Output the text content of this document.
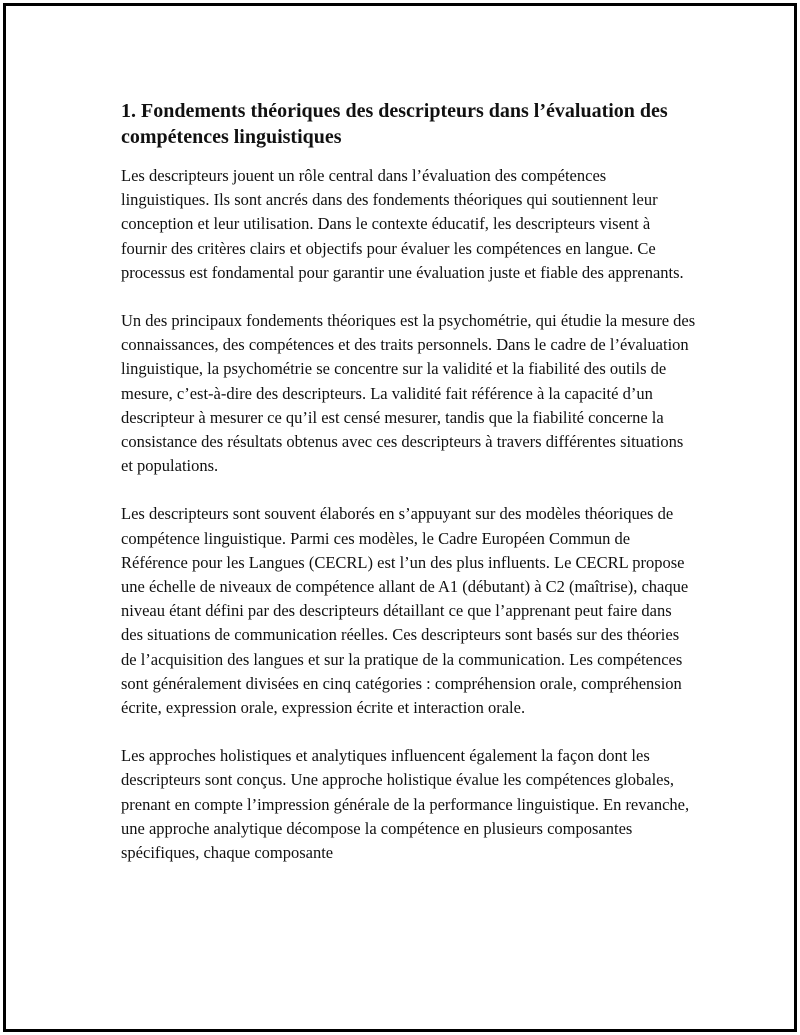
1. Fondements théoriques des descripteurs dans l’évaluation des compétences linguistiques

Les descripteurs jouent un rôle central dans l’évaluation des compétences linguistiques. Ils sont ancrés dans des fondements théoriques qui soutiennent leur conception et leur utilisation. Dans le contexte éducatif, les descripteurs visent à fournir des critères clairs et objectifs pour évaluer les compétences en langue. Ce processus est fondamental pour garantir une évaluation juste et fiable des apprenants.

Un des principaux fondements théoriques est la psychométrie, qui étudie la mesure des connaissances, des compétences et des traits personnels. Dans le cadre de l’évaluation linguistique, la psychométrie se concentre sur la validité et la fiabilité des outils de mesure, c’est-à-dire des descripteurs. La validité fait référence à la capacité d’un descripteur à mesurer ce qu’il est censé mesurer, tandis que la fiabilité concerne la consistance des résultats obtenus avec ces descripteurs à travers différentes situations et populations.

Les descripteurs sont souvent élaborés en s’appuyant sur des modèles théoriques de compétence linguistique. Parmi ces modèles, le Cadre Européen Commun de Référence pour les Langues (CECRL) est l’un des plus influents. Le CECRL propose une échelle de niveaux de compétence allant de A1 (débutant) à C2 (maîtrise), chaque niveau étant défini par des descripteurs détaillant ce que l’apprenant peut faire dans des situations de communication réelles. Ces descripteurs sont basés sur des théories de l’acquisition des langues et sur la pratique de la communication. Les compétences sont généralement divisées en cinq catégories : compréhension orale, compréhension écrite, expression orale, expression écrite et interaction orale.

Les approches holistiques et analytiques influencent également la façon dont les descripteurs sont conçus. Une approche holistique évalue les compétences globales, prenant en compte l’impression générale de la performance linguistique. En revanche, une approche analytique décompose la compétence en plusieurs composantes spécifiques, chaque composante
